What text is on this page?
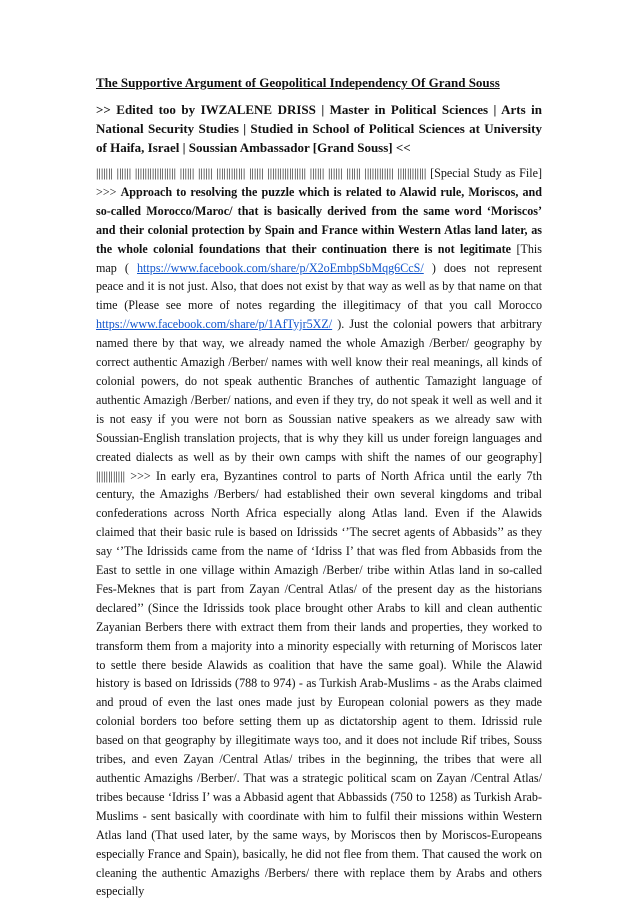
The Supportive Argument of Geopolitical Independency Of Grand Souss
>> Edited too by IWZALENE DRISS | Master in Political Sciences | Arts in National Security Studies | Studied in School of Political Sciences at University of Haifa, Israel | Soussian Ambassador [Grand Souss] <<

||||||| |||||| ||||||||||||||||| |||||| |||||| |||||||||||| |||||| |||||||||||||||| |||||| |||||| |||||| |||||||||||| |||||||||||| [Special Study as File] >>> Approach to resolving the puzzle which is related to Alawid rule, Moriscos, and so-called Morocco/Maroc/ that is basically derived from the same word ‘Moriscos’ and their colonial protection by Spain and France within Western Atlas land later, as the whole colonial foundations that their continuation there is not legitimate [This map ( https://www.facebook.com/share/p/X2oEmbpSbMqg6CcS/ ) does not represent peace and it is not just. Also, that does not exist by that way as well as by that name on that time (Please see more of notes regarding the illegitimacy of that you call Morocco https://www.facebook.com/share/p/1AfTyjr5XZ/ ). Just the colonial powers that arbitrary named there by that way, we already named the whole Amazigh /Berber/ geography by correct authentic Amazigh /Berber/ names with well know their real meanings, all kinds of colonial powers, do not speak authentic Branches of authentic Tamazight language of authentic Amazigh /Berber/ nations, and even if they try, do not speak it well as well and it is not easy if you were not born as Soussian native speakers as we already saw with Soussian-English translation projects, that is why they kill us under foreign languages and created dialects as well as by their own camps with shift the names of our geography] |||||||||||| >>> In early era, Byzantines control to parts of North Africa until the early 7th century, the Amazighs /Berbers/ had established their own several kingdoms and tribal confederations across North Africa especially along Atlas land. Even if the Alawids claimed that their basic rule is based on Idrissids ‘’The secret agents of Abbasids’’ as they say ‘’The Idrissids came from the name of ‘Idriss I’ that was fled from Abbasids from the East to settle in one village within Amazigh /Berber/ tribe within Atlas land in so-called Fes-Meknes that is part from Zayan /Central Atlas/ of the present day as the historians declared’’ (Since the Idrissids took place brought other Arabs to kill and clean authentic Zayanian Berbers there with extract them from their lands and properties, they worked to transform them from a majority into a minority especially with returning of Moriscos later to settle there beside Alawids as coalition that have the same goal). While the Alawid history is based on Idrissids (788 to 974) - as Turkish Arab-Muslims - as the Arabs claimed and proud of even the last ones made just by European colonial powers as they made colonial borders too before setting them up as dictatorship agent to them. Idrissid rule based on that geography by illegitimate ways too, and it does not include Rif tribes, Souss tribes, and even Zayan /Central Atlas/ tribes in the beginning, the tribes that were all authentic Amazighs /Berber/. That was a strategic political scam on Zayan /Central Atlas/ tribes because ‘Idriss I’ was a Abbasid agent that Abbassids (750 to 1258) as Turkish Arab-Muslims - sent basically with coordinate with him to fulfil their missions within Western Atlas land (That used later, by the same ways, by Moriscos then by Moriscos-Europeans especially France and Spain), basically, he did not flee from them. That caused the work on cleaning the authentic Amazighs /Berbers/ there with replace them by Arabs and others especially
